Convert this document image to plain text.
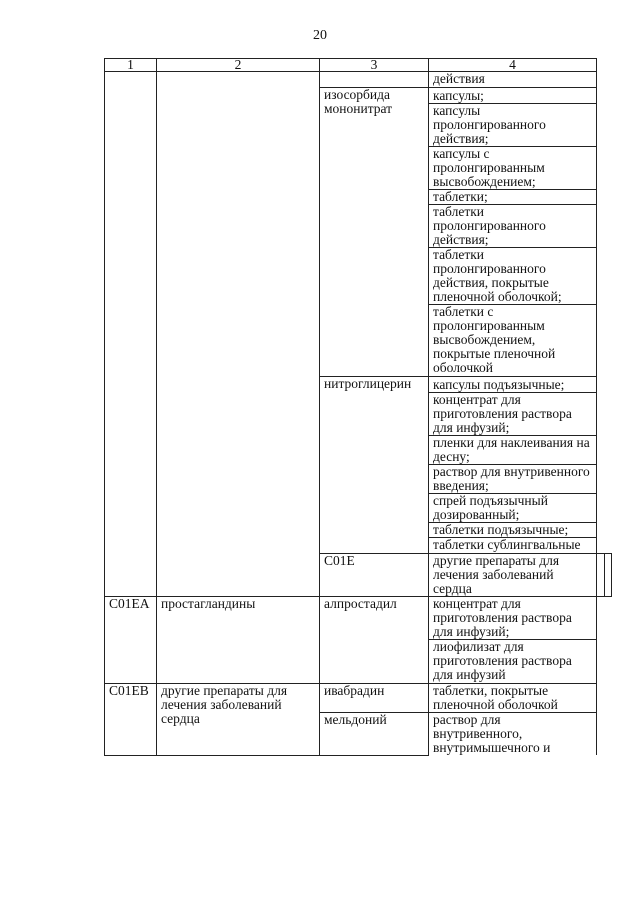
20
1	2	3	4		
			действия		
		изосорбида мононитрат	капсулы;		
			капсулы пролонгированного действия;		
			капсулы с пролонгированным высвобождением;		
			таблетки;		
			таблетки пролонгированного действия;		
			таблетки пролонгированного действия, покрытые пленочной оболочкой;		
			таблетки с пролонгированным высвобождением, покрытые пленочной оболочкой		
		нитроглицерин	капсулы подъязычные;		
			концентрат для приготовления раствора для инфузий;		
			пленки для наклеивания на десну;		
			раствор для внутривенного введения;		
			спрей подъязычный дозированный;		
			таблетки подъязычные;		
			таблетки сублингвальные		
		C01E	другие препараты для лечения заболеваний сердца		
C01EA	простагландины	алпростадил	концентрат для приготовления раствора для инфузий;		
			лиофилизат для приготовления раствора для инфузий		
C01EB	другие препараты для лечения заболеваний сердца	ивабрадин	таблетки, покрытые пленочной оболочкой		
		мельдоний	раствор для внутривенного, внутримышечного и		
